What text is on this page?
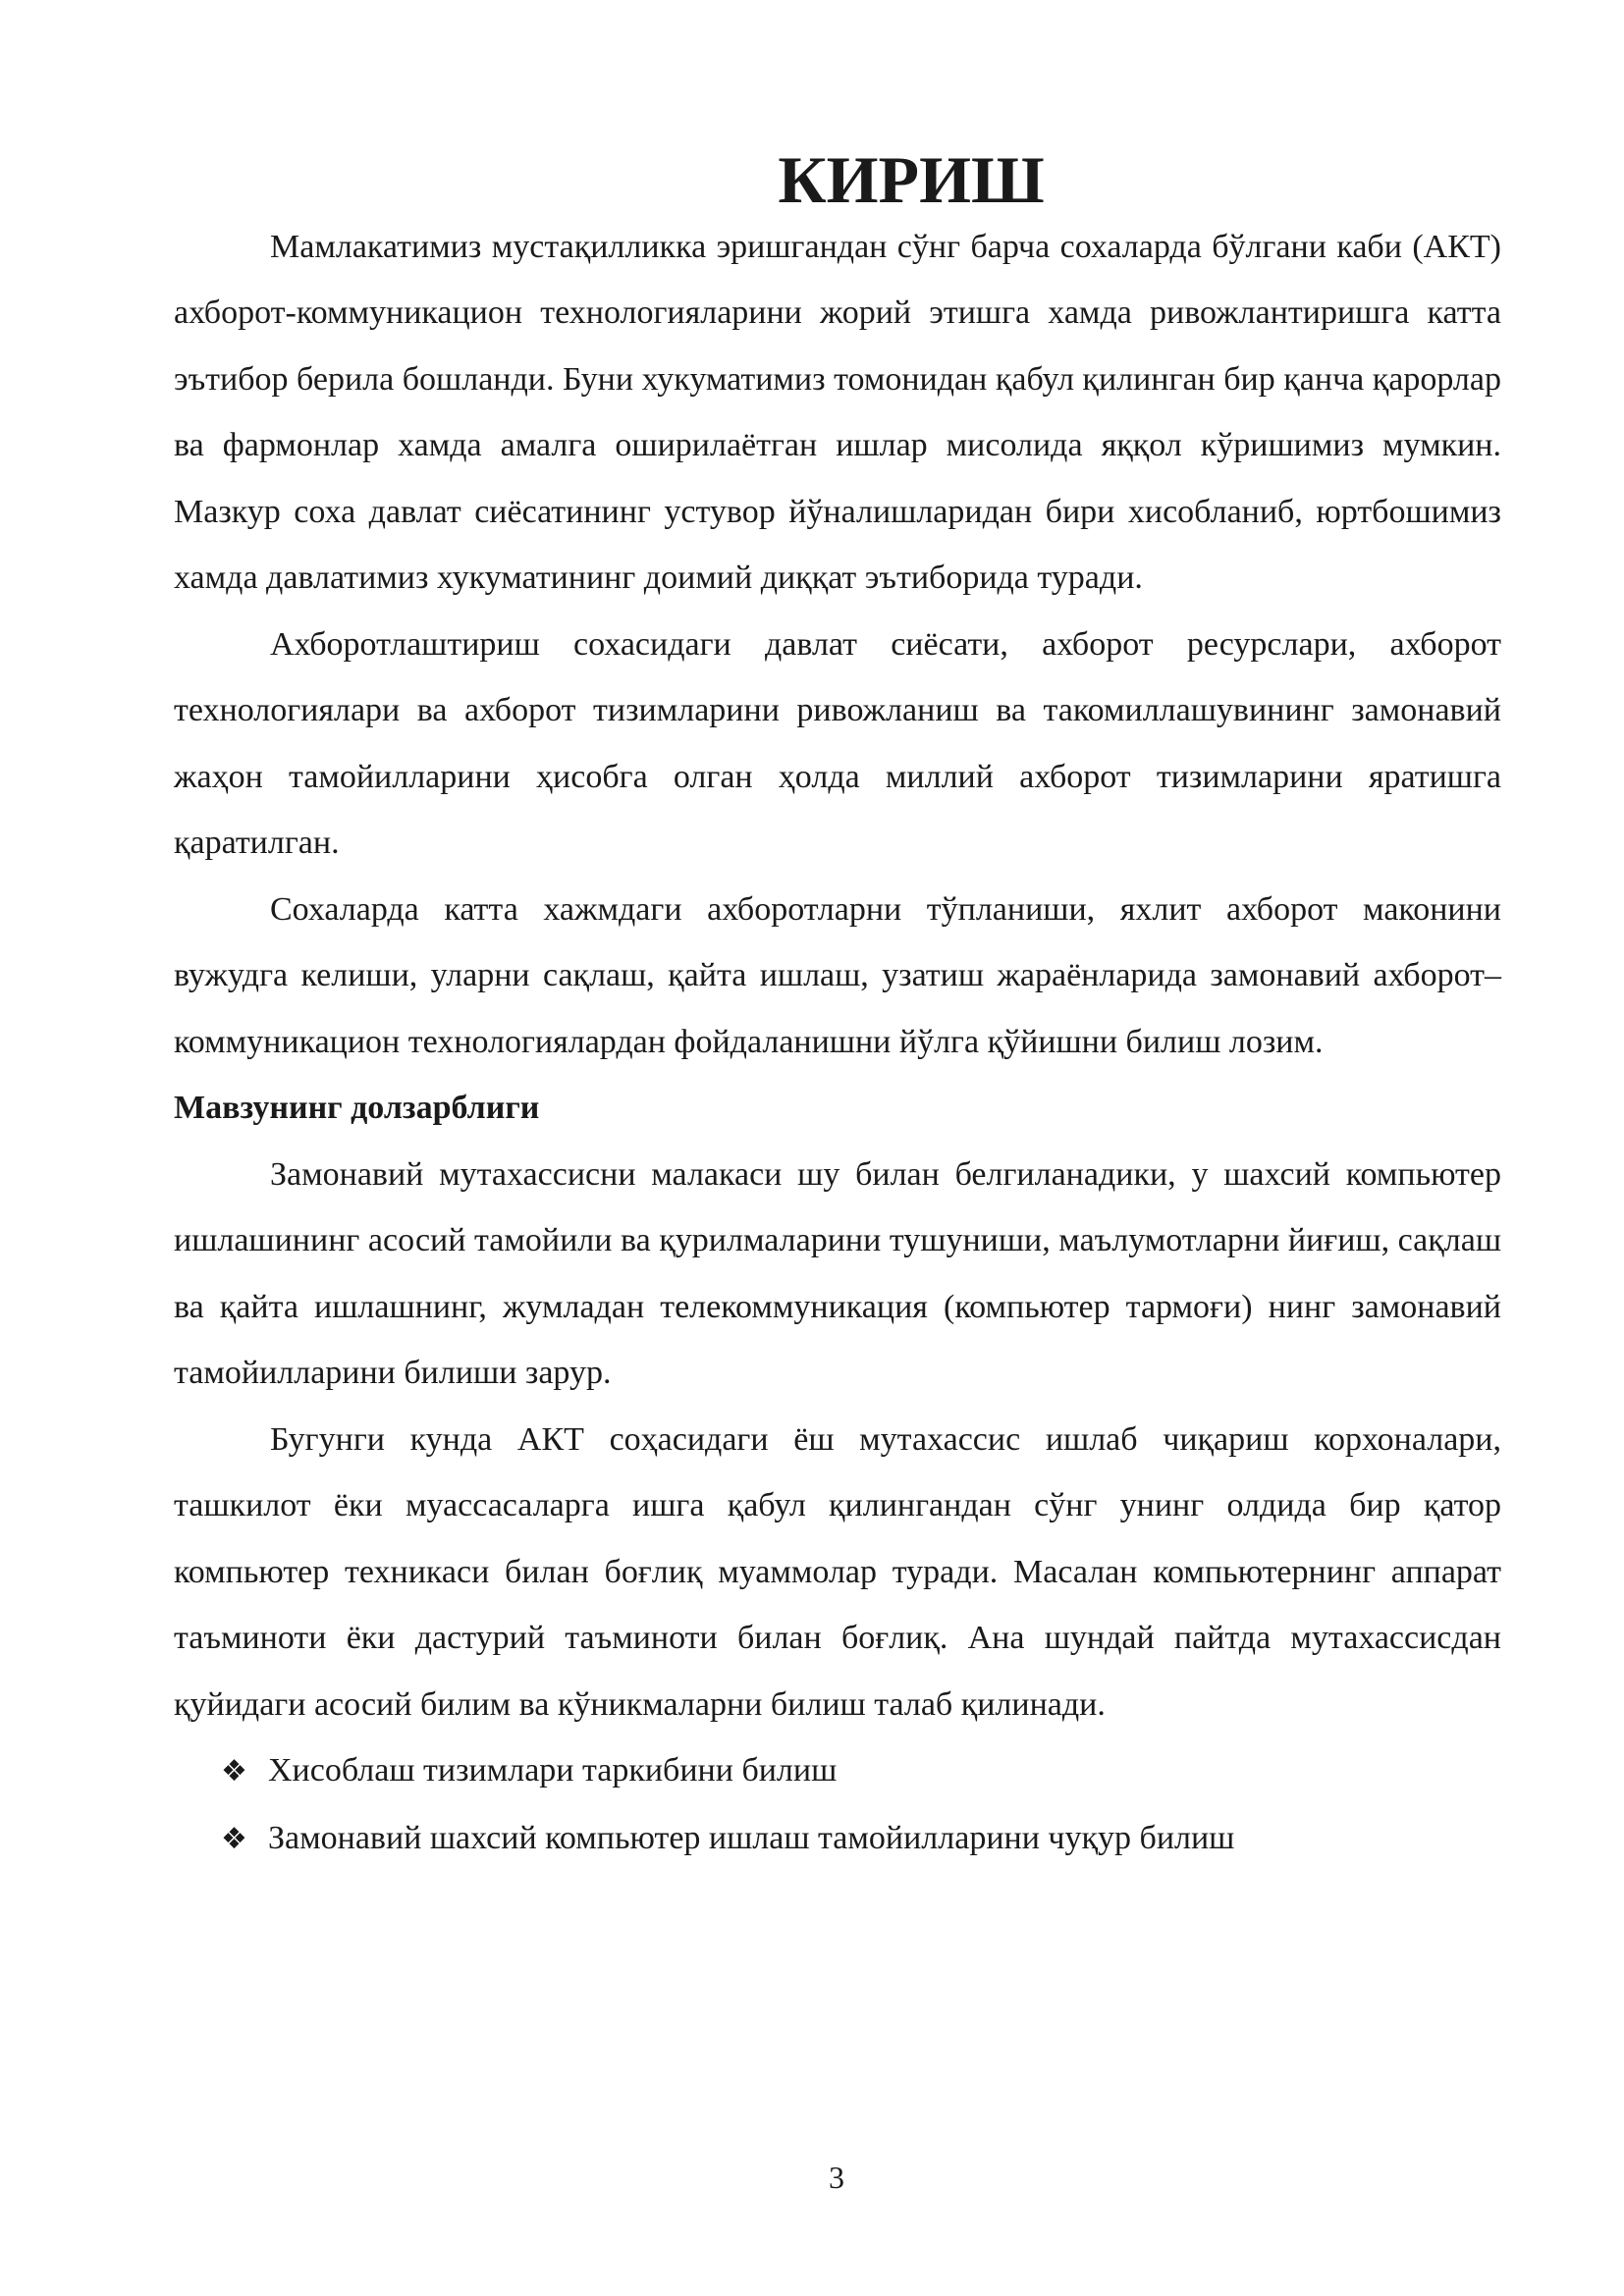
КИРИШ

Мамлакатимиз мустақилликка эришгандан сўнг барча сохаларда бўлгани каби (АКТ) ахборот-коммуникацион технологияларини жорий этишга хамда ривожлантиришга катта эътибор берила бошланди. Буни хукуматимиз томонидан қабул қилинган бир қанча қарорлар ва фармонлар хамда амалга оширилаётган ишлар мисолида яққол кўришимиз мумкин. Мазкур соха давлат сиёсатининг устувор йўналишларидан бири хисобланиб, юртбошимиз хамда давлатимиз хукуматининг доимий диққат эътиборида туради.

Ахборотлаштириш сохасидаги давлат сиёсати, ахборот ресурслари, ахборот технологиялари ва ахборот тизимларини ривожланиш ва такомиллашувининг замонавий жаҳон тамойилларини ҳисобга олган ҳолда миллий ахборот тизимларини яратишга қаратилган.

Сохаларда катта хажмдаги ахборотларни тўпланиши, яхлит ахборот маконини вужудга келиши, уларни сақлаш, қайта ишлаш, узатиш жараёнларида замонавий ахборот–коммуникацион технологиялардан фойдаланишни йўлга қўйишни билиш лозим.

Мавзунинг долзарблиги

Замонавий мутахассисни малакаси шу билан белгиланадики, у шахсий компьютер ишлашининг асосий тамойили ва қурилмаларини тушуниши, маълумотларни йиғиш, сақлаш ва қайта ишлашнинг, жумладан телекоммуникация (компьютер тармоғи) нинг замонавий тамойилларини билиши зарур.

Бугунги кунда АКТ соҳасидаги ёш мутахассис ишлаб чиқариш корхоналари, ташкилот ёки муассасаларга ишга қабул қилингандан сўнг унинг олдида бир қатор компьютер техникаси билан боғлиқ муаммолар туради. Масалан компьютернинг аппарат таъминоти ёки дастурий таъминоти билан боғлиқ. Ана шундай пайтда мутахассисдан қуйидаги асосий билим ва кўникмаларни билиш талаб қилинади.

❖ Хисоблаш тизимлари таркибини билиш
❖ Замонавий шахсий компьютер ишлаш тамойилларини чуқур билиш
3
